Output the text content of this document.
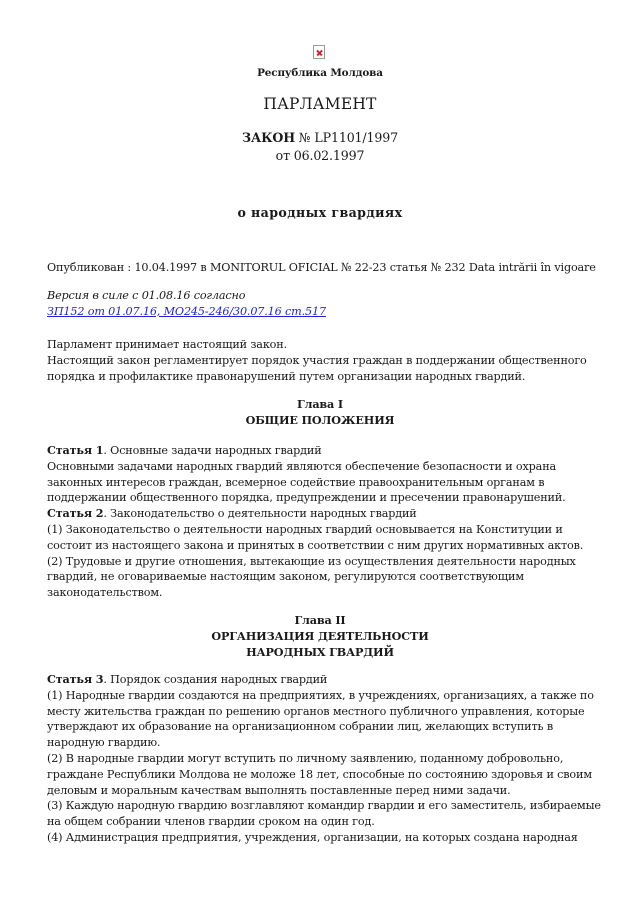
Республика Молдова
ПАРЛАМЕНТ
ЗАКОН № LP1101/1997
от 06.02.1997
о народных гвардиях
Опубликован : 10.04.1997 в MONITORUL OFICIAL № 22-23 статья № 232 Data intrării în vigoare

Версия в силе с 01.08.16 согласно

ЗП152 от 01.07.16, MO245-246/30.07.16 ст.517

Парламент принимает настоящий закон.

Настоящий закон регламентирует порядок участия граждан в поддержании общественного порядка и профилактике правонарушений путем организации народных гвардий.

Глава I

ОБЩИЕ ПОЛОЖЕНИЯ

Статья 1. Основные задачи народных гвардий

Основными задачами народных гвардий являются обеспечение безопасности и охрана законных интересов граждан, всемерное содействие правоохранительным органам в поддержании общественного порядка, предупреждении и пресечении правонарушений.

Статья 2. Законодательство о деятельности народных гвардий

(1) Законодательство о деятельности народных гвардий основывается на Конституции и состоит из настоящего закона и принятых в соответствии с ним других нормативных актов.

(2) Трудовые и другие отношения, вытекающие из осуществления деятельности народных гвардий, не оговариваемые настоящим законом, регулируются соответствующим законодательством.

Глава II

ОРГАНИЗАЦИЯ ДЕЯТЕЛЬНОСТИ

НАРОДНЫХ ГВАРДИЙ

Статья 3. Порядок создания народных гвардий

(1) Народные гвардии создаются на предприятиях, в учреждениях, организациях, а также по месту жительства граждан по решению органов местного публичного управления, которые утверждают их образование на организационном собрании лиц, желающих вступить в народную гвардию.

(2) В народные гвардии могут вступить по личному заявлению, поданному добровольно, граждане Республики Молдова не моложе 18 лет, способные по состоянию здоровья и своим деловым и моральным качествам выполнять поставленные перед ними задачи.

(3) Каждую народную гвардию возглавляют командир гвардии и его заместитель, избираемые на общем собрании членов гвардии сроком на один год.

(4) Администрация предприятия, учреждения, организации, на которых создана народная
